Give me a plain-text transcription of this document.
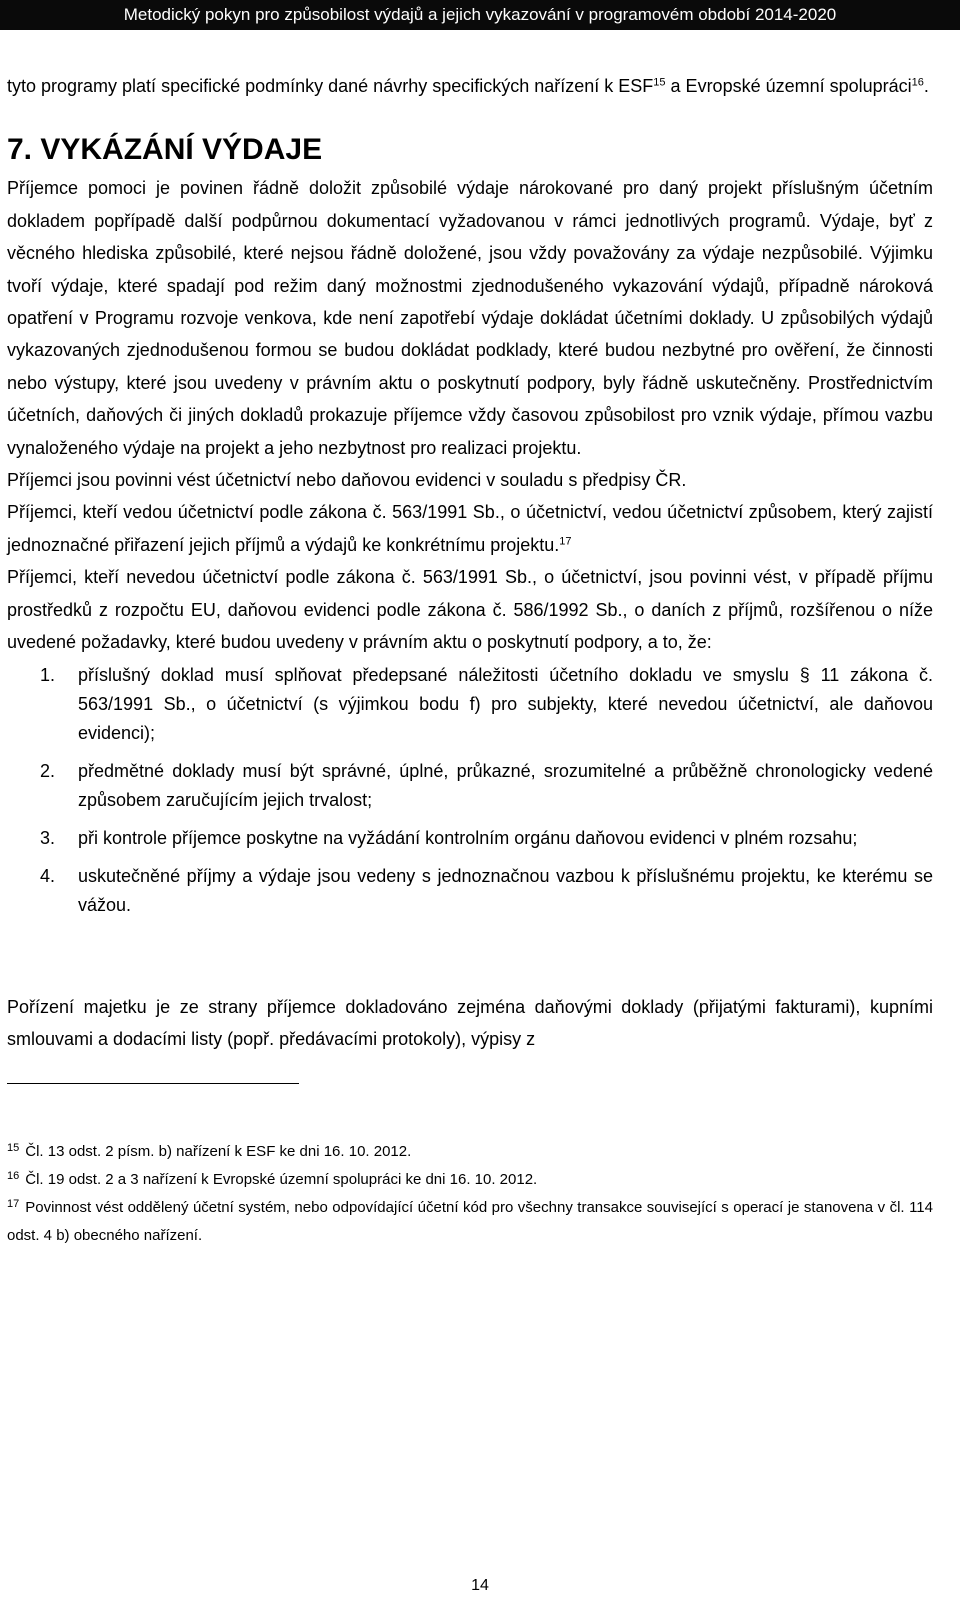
Metodický pokyn pro způsobilost výdajů a jejich vykazování v programovém období 2014-2020

tyto programy platí specifické podmínky dané návrhy specifických nařízení k ESF$^{15}$ a Evropské územní spolupráci$^{16}$.

7. VYKÁZÁNÍ VÝDAJE

Příjemce pomoci je povinen řádně doložit způsobilé výdaje nárokované pro daný projekt příslušným účetním dokladem popřípadě další podpůrnou dokumentací vyžadovanou v rámci jednotlivých programů. Výdaje, byť z věcného hlediska způsobilé, které nejsou řádně doložené, jsou vždy považovány za výdaje nezpůsobilé. Výjimku tvoří výdaje, které spadají pod režim daný možnostmi zjednodušeného vykazování výdajů, případně nároková opatření v Programu rozvoje venkova, kde není zapotřebí výdaje dokládat účetními doklady. U způsobilých výdajů vykazovaných zjednodušenou formou se budou dokládat podklady, které budou nezbytné pro ověření, že činnosti nebo výstupy, které jsou uvedeny v právním aktu o poskytnutí podpory, byly řádně uskutečněny. Prostřednictvím účetních, daňových či jiných dokladů prokazuje příjemce vždy časovou způsobilost pro vznik výdaje, přímou vazbu vynaloženého výdaje na projekt a jeho nezbytnost pro realizaci projektu.

Příjemci jsou povinni vést účetnictví nebo daňovou evidenci v souladu s předpisy ČR.

Příjemci, kteří vedou účetnictví podle zákona č. 563/1991 Sb., o účetnictví, vedou účetnictví způsobem, který zajistí jednoznačné přiřazení jejich příjmů a výdajů ke konkrétnímu projektu.$^{17}$

Příjemci, kteří nevedou účetnictví podle zákona č. 563/1991 Sb., o účetnictví, jsou povinni vést, v případě příjmu prostředků z rozpočtu EU, daňovou evidenci podle zákona č. 586/1992 Sb., o daních z příjmů, rozšířenou o níže uvedené požadavky, které budou uvedeny v právním aktu o poskytnutí podpory, a to, že:

1. příslušný doklad musí splňovat předepsané náležitosti účetního dokladu ve smyslu § 11 zákona č. 563/1991 Sb., o účetnictví (s výjimkou bodu f) pro subjekty, které nevedou účetnictví, ale daňovou evidenci);
2. předmětné doklady musí být správné, úplné, průkazné, srozumitelné a průběžně chronologicky vedené způsobem zaručujícím jejich trvalost;
3. při kontrole příjemce poskytne na vyžádání kontrolním orgánu daňovou evidenci v plném rozsahu;
4. uskutečněné příjmy a výdaje jsou vedeny s jednoznačnou vazbou k příslušnému projektu, ke kterému se vážou.

Pořízení majetku je ze strany příjemce dokladováno zejména daňovými doklady (přijatými fakturami), kupními smlouvami a dodacími listy (popř. předávacími protokoly), výpisy z

$^{15}$ Čl. 13 odst. 2 písm. b) nařízení k ESF ke dni 16. 10. 2012.

$^{16}$ Čl. 19 odst. 2 a 3 nařízení k Evropské územní spolupráci ke dni 16. 10. 2012.

$^{17}$ Povinnost vést oddělený účetní systém, nebo odpovídající účetní kód pro všechny transakce související s operací je stanovena v čl. 114 odst. 4 b) obecného nařízení.

14
